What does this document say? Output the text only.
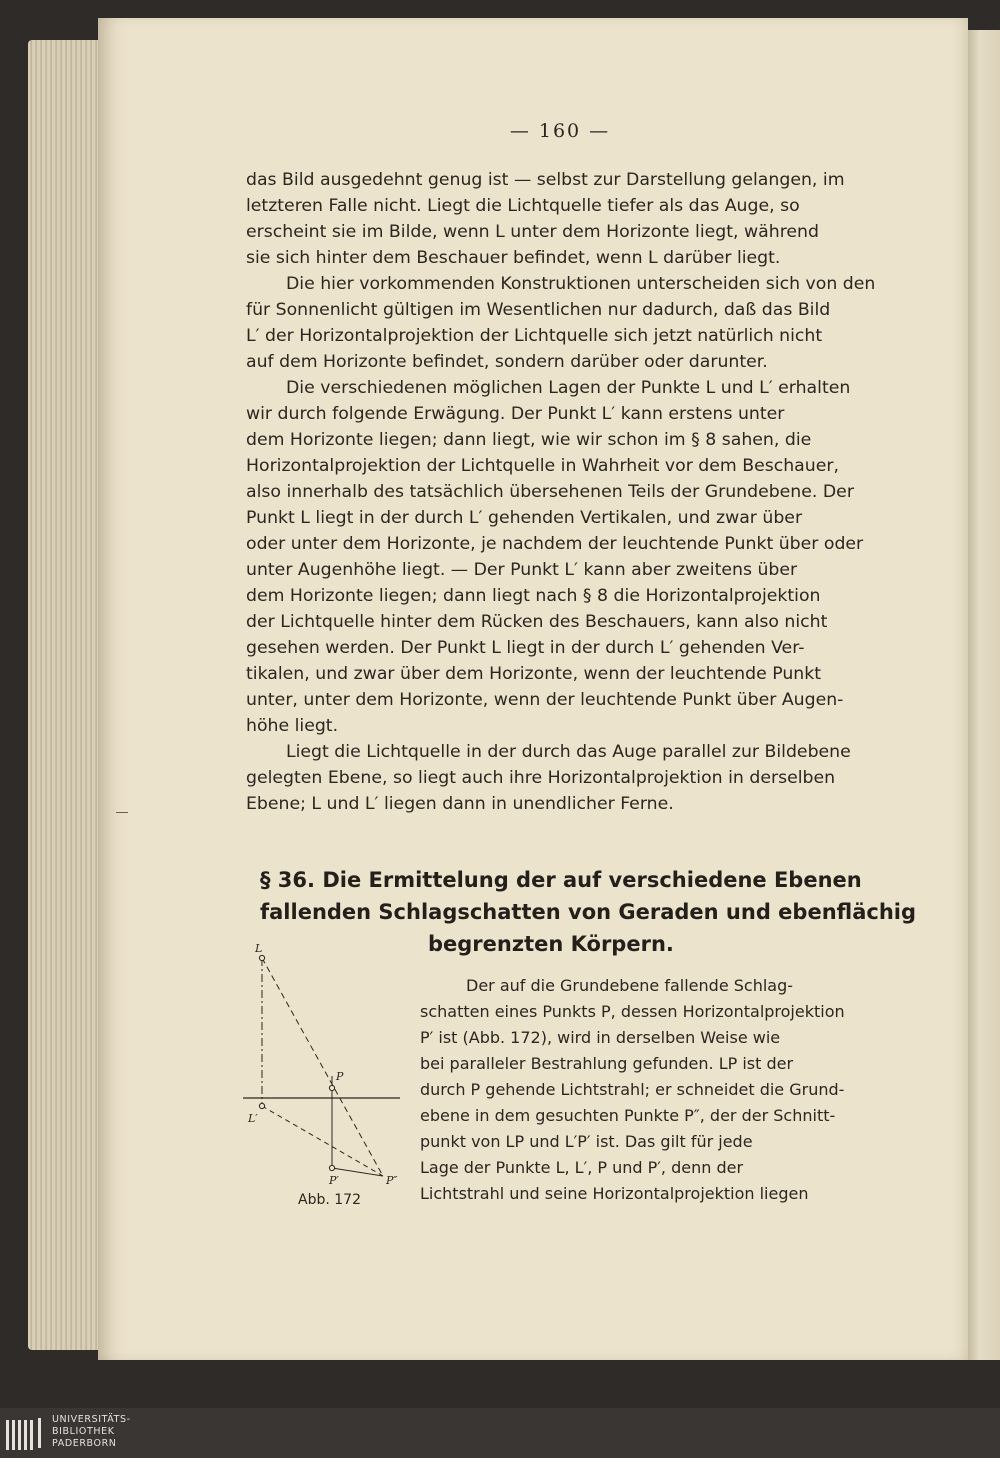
— 160 —
das Bild ausgedehnt genug ist — selbst zur Darstellung gelangen, im
letzteren Falle nicht. Liegt die Lichtquelle tiefer als das Auge, so
erscheint sie im Bilde, wenn L unter dem Horizonte liegt, während
sie sich hinter dem Beschauer befindet, wenn L darüber liegt.
Die hier vorkommenden Konstruktionen unterscheiden sich von den
für Sonnenlicht gültigen im Wesentlichen nur dadurch, daß das Bild
L′ der Horizontalprojektion der Lichtquelle sich jetzt natürlich nicht
auf dem Horizonte befindet, sondern darüber oder darunter.
Die verschiedenen möglichen Lagen der Punkte L und L′ erhalten
wir durch folgende Erwägung. Der Punkt L′ kann erstens unter
dem Horizonte liegen; dann liegt, wie wir schon im § 8 sahen, die
Horizontalprojektion der Lichtquelle in Wahrheit vor dem Beschauer,
also innerhalb des tatsächlich übersehenen Teils der Grundebene. Der
Punkt L liegt in der durch L′ gehenden Vertikalen, und zwar über
oder unter dem Horizonte, je nachdem der leuchtende Punkt über oder
unter Augenhöhe liegt. — Der Punkt L′ kann aber zweitens über
dem Horizonte liegen; dann liegt nach § 8 die Horizontalprojektion
der Lichtquelle hinter dem Rücken des Beschauers, kann also nicht
gesehen werden. Der Punkt L liegt in der durch L′ gehenden Ver-
tikalen, und zwar über dem Horizonte, wenn der leuchtende Punkt
unter, unter dem Horizonte, wenn der leuchtende Punkt über Augen-
höhe liegt.
Liegt die Lichtquelle in der durch das Auge parallel zur Bildebene
gelegten Ebene, so liegt auch ihre Horizontalprojektion in derselben
Ebene; L und L′ liegen dann in unendlicher Ferne.
§ 36. Die Ermittelung der auf verschiedene Ebenen
fallenden Schlagschatten von Geraden und ebenflächig
begrenzten Körpern.
Der auf die Grundebene fallende Schlag-
schatten eines Punkts P, dessen Horizontalprojektion
P′ ist (Abb. 172), wird in derselben Weise wie
bei paralleler Bestrahlung gefunden. LP ist der
durch P gehende Lichtstrahl; er schneidet die Grund-
ebene in dem gesuchten Punkte P″, der der Schnitt-
punkt von LP und L′P′ ist. Das gilt für jede
Lage der Punkte L, L′, P und P′, denn der
Lichtstrahl und seine Horizontalprojektion liegen
L
P
L′
P′	P″
Abb. 172
UNIVERSITÄTS-
BIBLIOTHEK
PADERBORN
